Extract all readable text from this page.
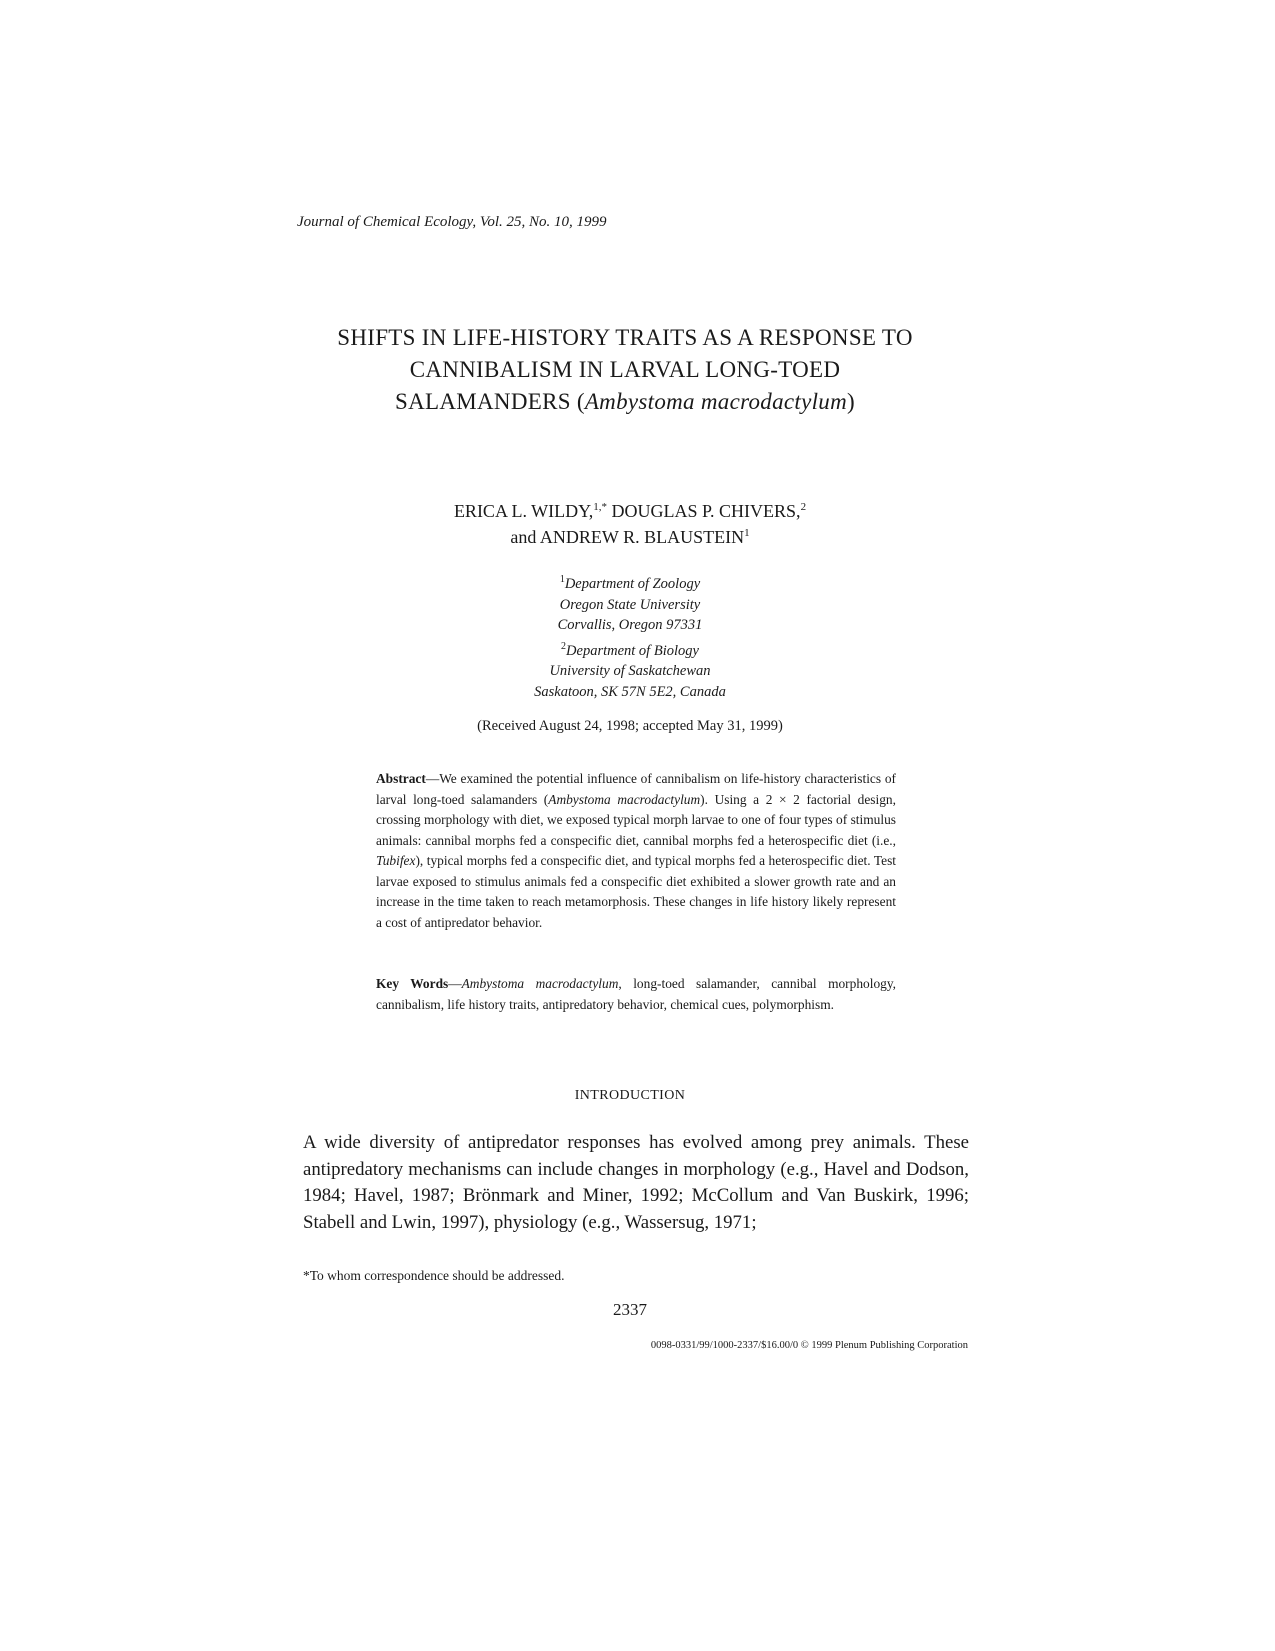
Journal of Chemical Ecology, Vol. 25, No. 10, 1999
SHIFTS IN LIFE-HISTORY TRAITS AS A RESPONSE TO
CANNIBALISM IN LARVAL LONG-TOED
SALAMANDERS (Ambystoma macrodactylum)
ERICA L. WILDY,$^{1,*}$ DOUGLAS P. CHIVERS,$^2$
and ANDREW R. BLAUSTEIN$^1$
$^1$Department of Zoology
Oregon State University
Corvallis, Oregon 97331
$^2$Department of Biology
University of Saskatchewan
Saskatoon, SK 57N 5E2, Canada
(Received August 24, 1998; accepted May 31, 1999)
Abstract—We examined the potential influence of cannibalism on life-history characteristics of larval long-toed salamanders (Ambystoma macrodactylum). Using a 2 × 2 factorial design, crossing morphology with diet, we exposed typical morph larvae to one of four types of stimulus animals: cannibal morphs fed a conspecific diet, cannibal morphs fed a heterospecific diet (i.e., Tubifex), typical morphs fed a conspecific diet, and typical morphs fed a heterospecific diet. Test larvae exposed to stimulus animals fed a conspecific diet exhibited a slower growth rate and an increase in the time taken to reach metamorphosis. These changes in life history likely represent a cost of antipredator behavior.
Key Words—Ambystoma macrodactylum, long-toed salamander, cannibal morphology, cannibalism, life history traits, antipredatory behavior, chemical cues, polymorphism.
INTRODUCTION
A wide diversity of antipredator responses has evolved among prey animals. These antipredatory mechanisms can include changes in morphology (e.g., Havel and Dodson, 1984; Havel, 1987; Brönmark and Miner, 1992; McCollum and Van Buskirk, 1996; Stabell and Lwin, 1997), physiology (e.g., Wassersug, 1971;
*To whom correspondence should be addressed.
2337
0098-0331/99/1000-2337/$16.00/0 © 1999 Plenum Publishing Corporation
